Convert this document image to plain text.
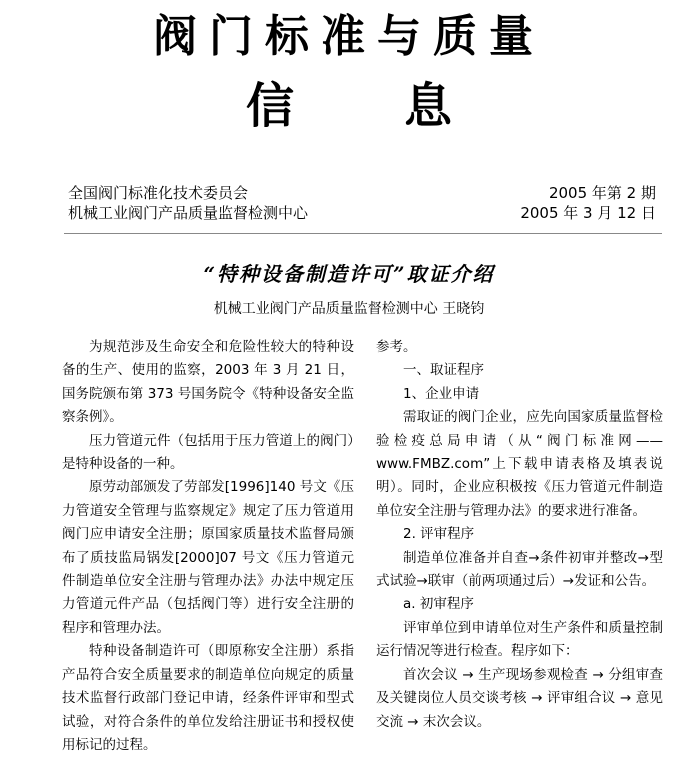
阀门标准与质量
信息
全国阀门标准化技术委员会
机械工业阀门产品质量监督检测中心
2005 年第 2 期
2005 年 3 月 12 日
“特种设备制造许可”取证介绍
机械工业阀门产品质量监督检测中心 王晓钧

为规范涉及生命安全和危险性较大的特种设备的生产、使用的监察，2003 年 3 月 21 日，国务院颁布第 373 号国务院令《特种设备安全监察条例》。

压力管道元件（包括用于压力管道上的阀门）是特种设备的一种。

原劳动部颁发了劳部发[1996]140 号文《压力管道安全管理与监察规定》规定了压力管道用阀门应申请安全注册；原国家质量技术监督局颁布了质技监局锅发[2000]07 号文《压力管道元件制造单位安全注册与管理办法》办法中规定压力管道元件产品（包括阀门等）进行安全注册的程序和管理办法。

特种设备制造许可（即原称安全注册）系指产品符合安全质量要求的制造单位向规定的质量技术监督行政部门登记申请，经条件评审和型式试验，对符合条件的单位发给注册证书和授权使用标记的过程。

参考。

一、取证程序

1、企业申请

需取证的阀门企业，应先向国家质量监督检验检疫总局申请（从“阀门标准网——www.FMBZ.com”上下载申请表格及填表说明）。同时，企业应积极按《压力管道元件制造单位安全注册与管理办法》的要求进行准备。

2. 评审程序

制造单位准备并自查→条件初审并整改→型式试验→联审（前两项通过后）→发证和公告。

a. 初审程序

评审单位到申请单位对生产条件和质量控制运行情况等进行检查。程序如下：

首次会议 → 生产现场参观检查 → 分组审查及关键岗位人员交谈考核 → 评审组合议 → 意见交流 → 末次会议。
